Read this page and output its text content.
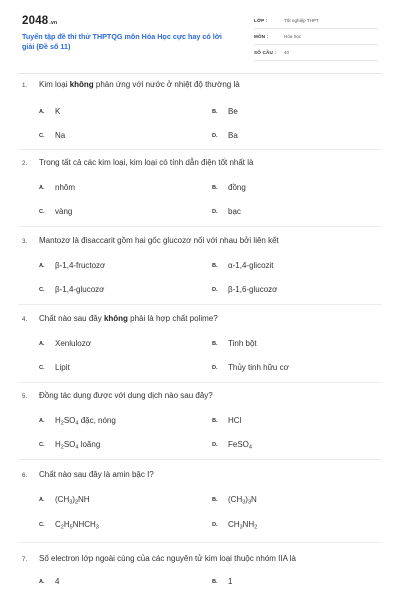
2048.vn
Tuyển tập đề thi thử THPTQG môn Hóa Học cực hay có lời
giải (Đề số 11)
LỚP :	Tốt nghiệp THPT
MÔN :	Hóa học
SỐ CÂU : 40
1. Kim loại không phản ứng với nước ở nhiệt độ thường là
A. K	B. Be
C. Na	D. Ba
2. Trong tất cả các kim loại, kim loại có tính dẫn điện tốt nhất là
A. nhôm	B. đồng
C. vàng	D. bạc
3. Mantozơ là đisaccarit gồm hai gốc glucozơ nối với nhau bởi liên kết
A. β-1,4-fructozơ	B. α-1,4-glicozit
C. β-1,4-glucozơ	D. β-1,6-glucozơ
4. Chất nào sau đây không phải là hợp chất polime?
A. Xenlulozơ	B. Tinh bột
C. Lipit	D. Thủy tinh hữu cơ
5. Đồng tác dụng được với dung dịch nào sau đây?
A. $H_2SO_4$ đặc, nóng	B. HCl
C. $H_2SO_4$ loãng	D. FeSO$_4$
6. Chất nào sau đây là amin bậc I?
A. $(CH_3)_2NH$	B. $(CH_3)_3N$
C. $C_2H_5NHCH_3$	D. $CH_3NH_2$
7. Số electron lớp ngoài cùng của các nguyên tử kim loại thuộc nhóm IIA là
A. 4	B. 1
